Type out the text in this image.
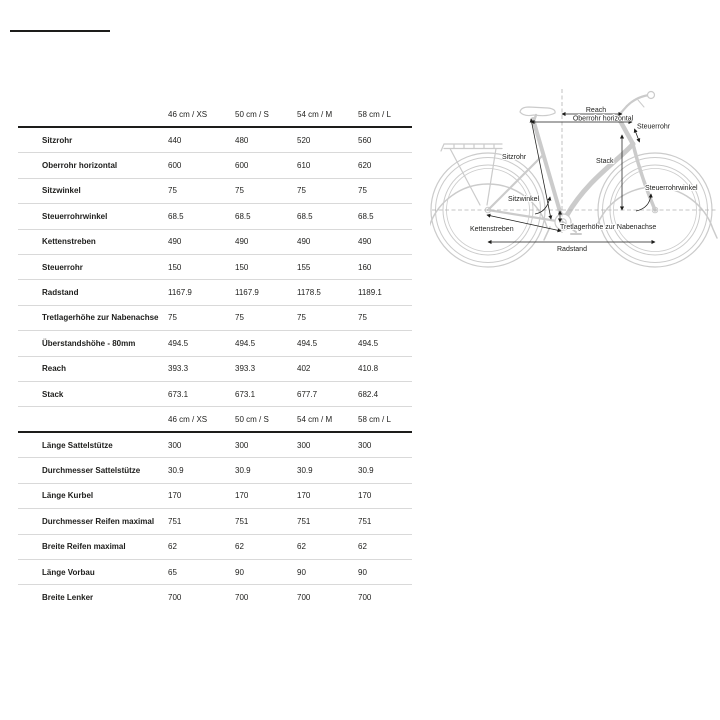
	46 cm / XS	50 cm / S	54 cm / M	58 cm / L
Sitzrohr	440	480	520	560
Oberrohr horizontal	600	600	610	620
Sitzwinkel	75	75	75	75
Steuerrohrwinkel	68.5	68.5	68.5	68.5
Kettenstreben	490	490	490	490
Steuerrohr	150	150	155	160
Radstand	1167.9	1167.9	1178.5	1189.1
Tretlagerhöhe zur Nabenachse	75	75	75	75
Überstandshöhe - 80mm	494.5	494.5	494.5	494.5
Reach	393.3	393.3	402	410.8
Stack	673.1	673.1	677.7	682.4
	46 cm / XS	50 cm / S	54 cm / M	58 cm / L
Länge Sattelstütze	300	300	300	300
Durchmesser Sattelstütze	30.9	30.9	30.9	30.9
Länge Kurbel	170	170	170	170
Durchmesser Reifen maximal	751	751	751	751
Breite Reifen maximal	62	62	62	62
Länge Vorbau	65	90	90	90
Breite Lenker	700	700	700	700
Reach
Oberrohr horizontal
Steuerrohr
Stack
Sitzrohr
Sitzwinkel
Steuerrohrwinkel
Kettenstreben	Tretlagerhöhe zur Nabenachse
Radstand
